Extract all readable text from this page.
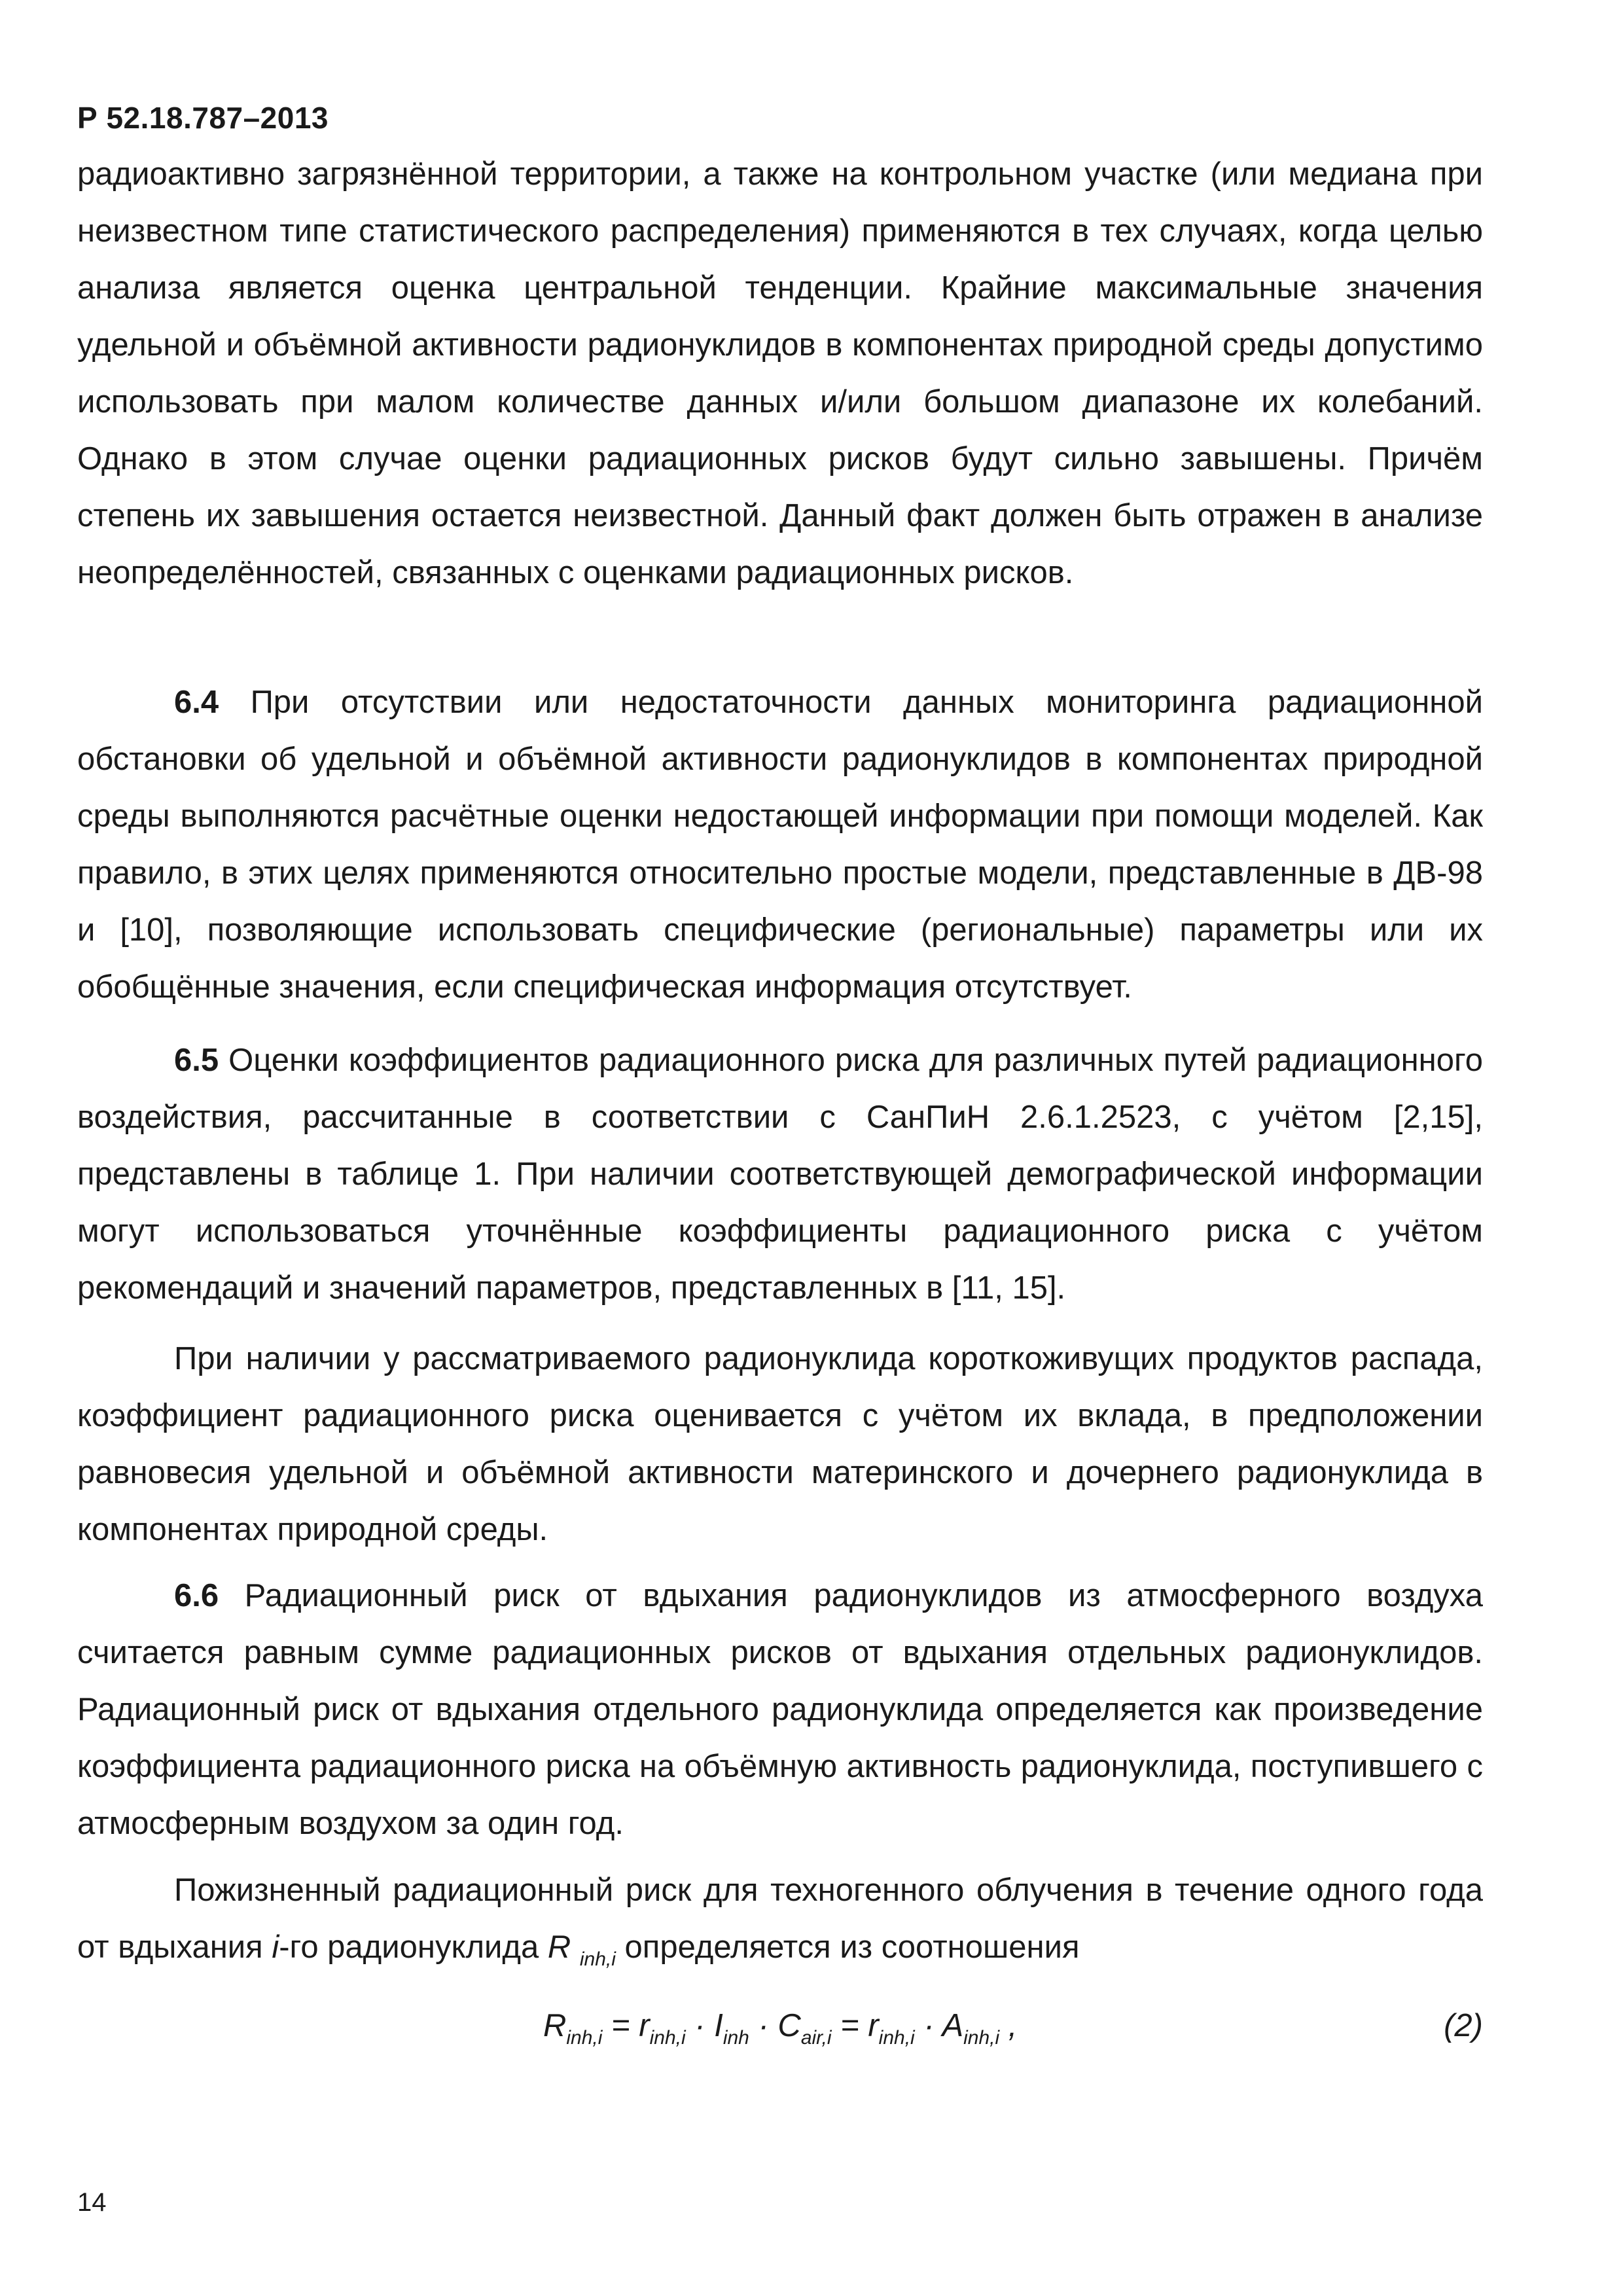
Р 52.18.787–2013

радиоактивно загрязнённой территории, а также на контрольном участке (или медиана при неизвестном типе статистического распределения) применяются в тех случаях, когда целью анализа является оценка центральной тенденции. Крайние максимальные значения удельной и объёмной активности радионуклидов в компонентах природной среды допустимо использовать при малом количестве данных и/или большом диапазоне их колебаний. Однако в этом случае оценки радиационных рисков будут сильно завышены. Причём степень их завышения остается неизвестной. Данный факт должен быть отражен в анализе неопределённостей, связанных с оценками радиационных рисков.

6.4 При отсутствии или недостаточности данных мониторинга радиационной обстановки об удельной и объёмной активности радионуклидов в компонентах природной среды выполняются расчётные оценки недостающей информации при помощи моделей. Как правило, в этих целях применяются относительно простые модели, представленные в ДВ-98 и [10], позволяющие использовать специфические (региональные) параметры или их обобщённые значения, если специфическая информация отсутствует.

6.5 Оценки коэффициентов радиационного риска для различных путей радиационного воздействия, рассчитанные в соответствии с СанПиН 2.6.1.2523, с учётом [2,15], представлены в таблице 1. При наличии соответствующей демографической информации могут использоваться уточнённые коэффициенты радиационного риска с учётом рекомендаций и значений параметров, представленных в [11, 15].

При наличии у рассматриваемого радионуклида короткоживущих продуктов распада, коэффициент радиационного риска оценивается с учётом их вклада, в предположении равновесия удельной и объёмной активности материнского и дочернего радионуклида в компонентах природной среды.

6.6 Радиационный риск от вдыхания радионуклидов из атмосферного воздуха считается равным сумме радиационных рисков от вдыхания отдельных радионуклидов. Радиационный риск от вдыхания отдельного радионуклида определяется как произведение коэффициента радиационного риска на объёмную активность радионуклида, поступившего с атмосферным воздухом за один год.

Пожизненный радиационный риск для техногенного облучения в течение одного года от вдыхания i-го радионуклида R $_{inh,i}$ определяется из соотношения

$R_{inh,i} = r_{inh,i} \cdot I_{inh} \cdot C_{air,i} = r_{inh,i} \cdot A_{inh,i}$ ,	(2)
14
